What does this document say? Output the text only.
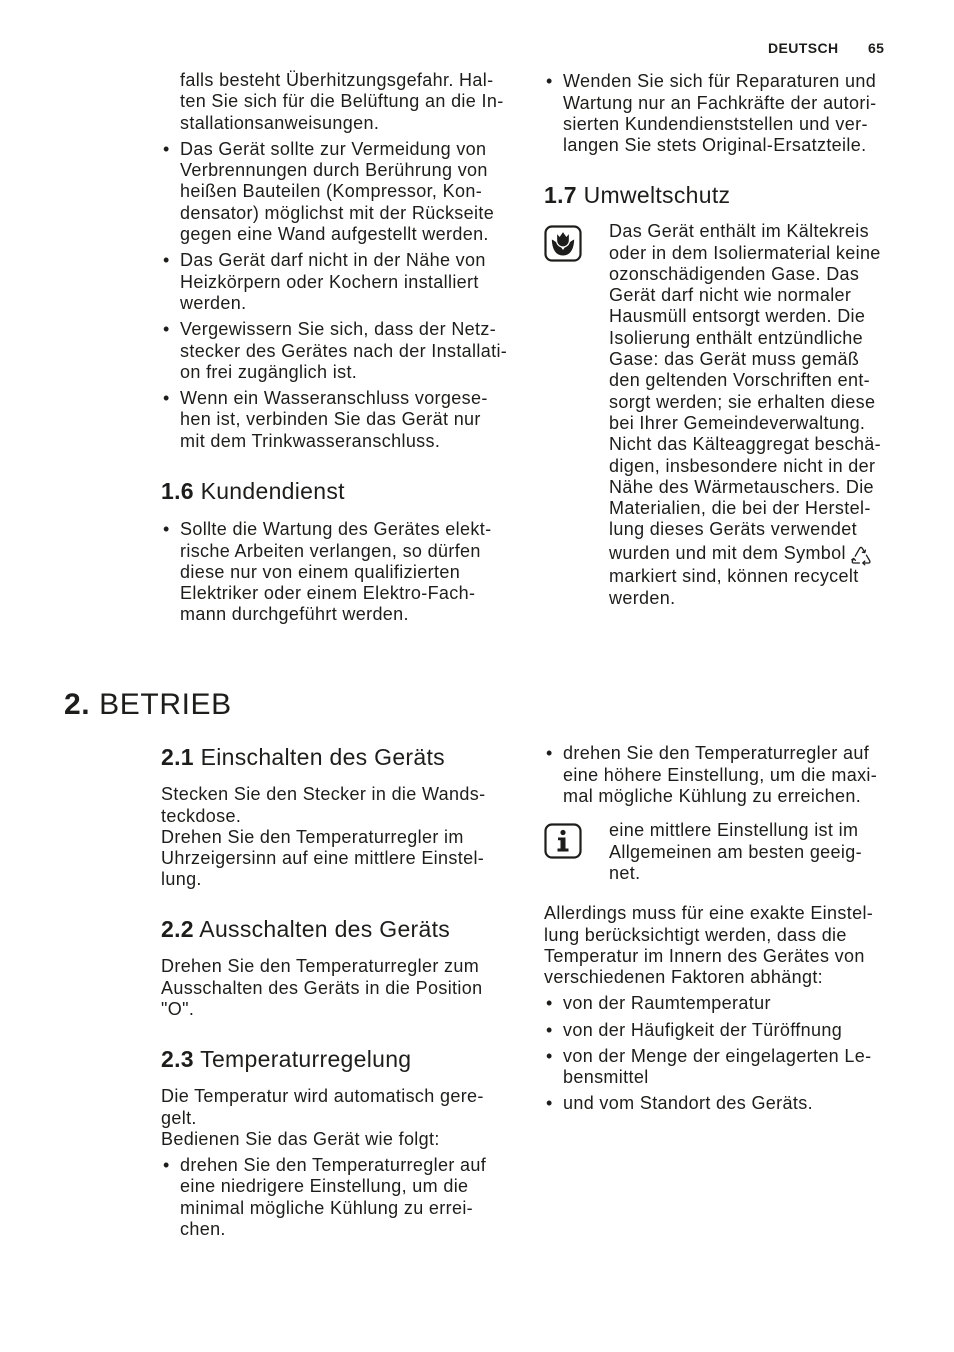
DEUTSCH 65
falls besteht Überhitzungsgefahr. Hal-
ten Sie sich für die Belüftung an die In-
stallationsanweisungen.
• Das Gerät sollte zur Vermeidung von
Verbrennungen durch Berührung von
heißen Bauteilen (Kompressor, Kon-
densator) möglichst mit der Rückseite
gegen eine Wand aufgestellt werden.
• Das Gerät darf nicht in der Nähe von
Heizkörpern oder Kochern installiert
werden.
• Vergewissern Sie sich, dass der Netz-
stecker des Gerätes nach der Installati-
on frei zugänglich ist.
• Wenn ein Wasseranschluss vorgese-
hen ist, verbinden Sie das Gerät nur
mit dem Trinkwasseranschluss.
1.6 Kundendienst
• Sollte die Wartung des Gerätes elekt-
rische Arbeiten verlangen, so dürfen
diese nur von einem qualifizierten
Elektriker oder einem Elektro-Fach-
mann durchgeführt werden.
• Wenden Sie sich für Reparaturen und
Wartung nur an Fachkräfte der autori-
sierten Kundendienststellen und ver-
langen Sie stets Original-Ersatzteile.
1.7 Umweltschutz
Das Gerät enthält im Kältekreis
oder in dem Isoliermaterial keine
ozonschädigenden Gase. Das
Gerät darf nicht wie normaler
Hausmüll entsorgt werden. Die
Isolierung enthält entzündliche
Gase: das Gerät muss gemäß
den geltenden Vorschriften ent-
sorgt werden; sie erhalten diese
bei Ihrer Gemeindeverwaltung.
Nicht das Kälteaggregat beschä-
digen, insbesondere nicht in der
Nähe des Wärmetauschers. Die
Materialien, die bei der Herstel-
lung dieses Geräts verwendet
wurden und mit dem Symbol
markiert sind, können recycelt
werden.
2. BETRIEB
2.1 Einschalten des Geräts
Stecken Sie den Stecker in die Wands-
teckdose.
Drehen Sie den Temperaturregler im
Uhrzeigersinn auf eine mittlere Einstel-
lung.
2.2 Ausschalten des Geräts
Drehen Sie den Temperaturregler zum
Ausschalten des Geräts in die Position
"O".
2.3 Temperaturregelung
Die Temperatur wird automatisch gere-
gelt.
Bedienen Sie das Gerät wie folgt:
• drehen Sie den Temperaturregler auf
eine niedrigere Einstellung, um die
minimal mögliche Kühlung zu errei-
chen.
• drehen Sie den Temperaturregler auf
eine höhere Einstellung, um die maxi-
mal mögliche Kühlung zu erreichen.
eine mittlere Einstellung ist im
Allgemeinen am besten geeig-
net.
Allerdings muss für eine exakte Einstel-
lung berücksichtigt werden, dass die
Temperatur im Innern des Gerätes von
verschiedenen Faktoren abhängt:
• von der Raumtemperatur
• von der Häufigkeit der Türöffnung
• von der Menge der eingelagerten Le-
bensmittel
• und vom Standort des Geräts.
